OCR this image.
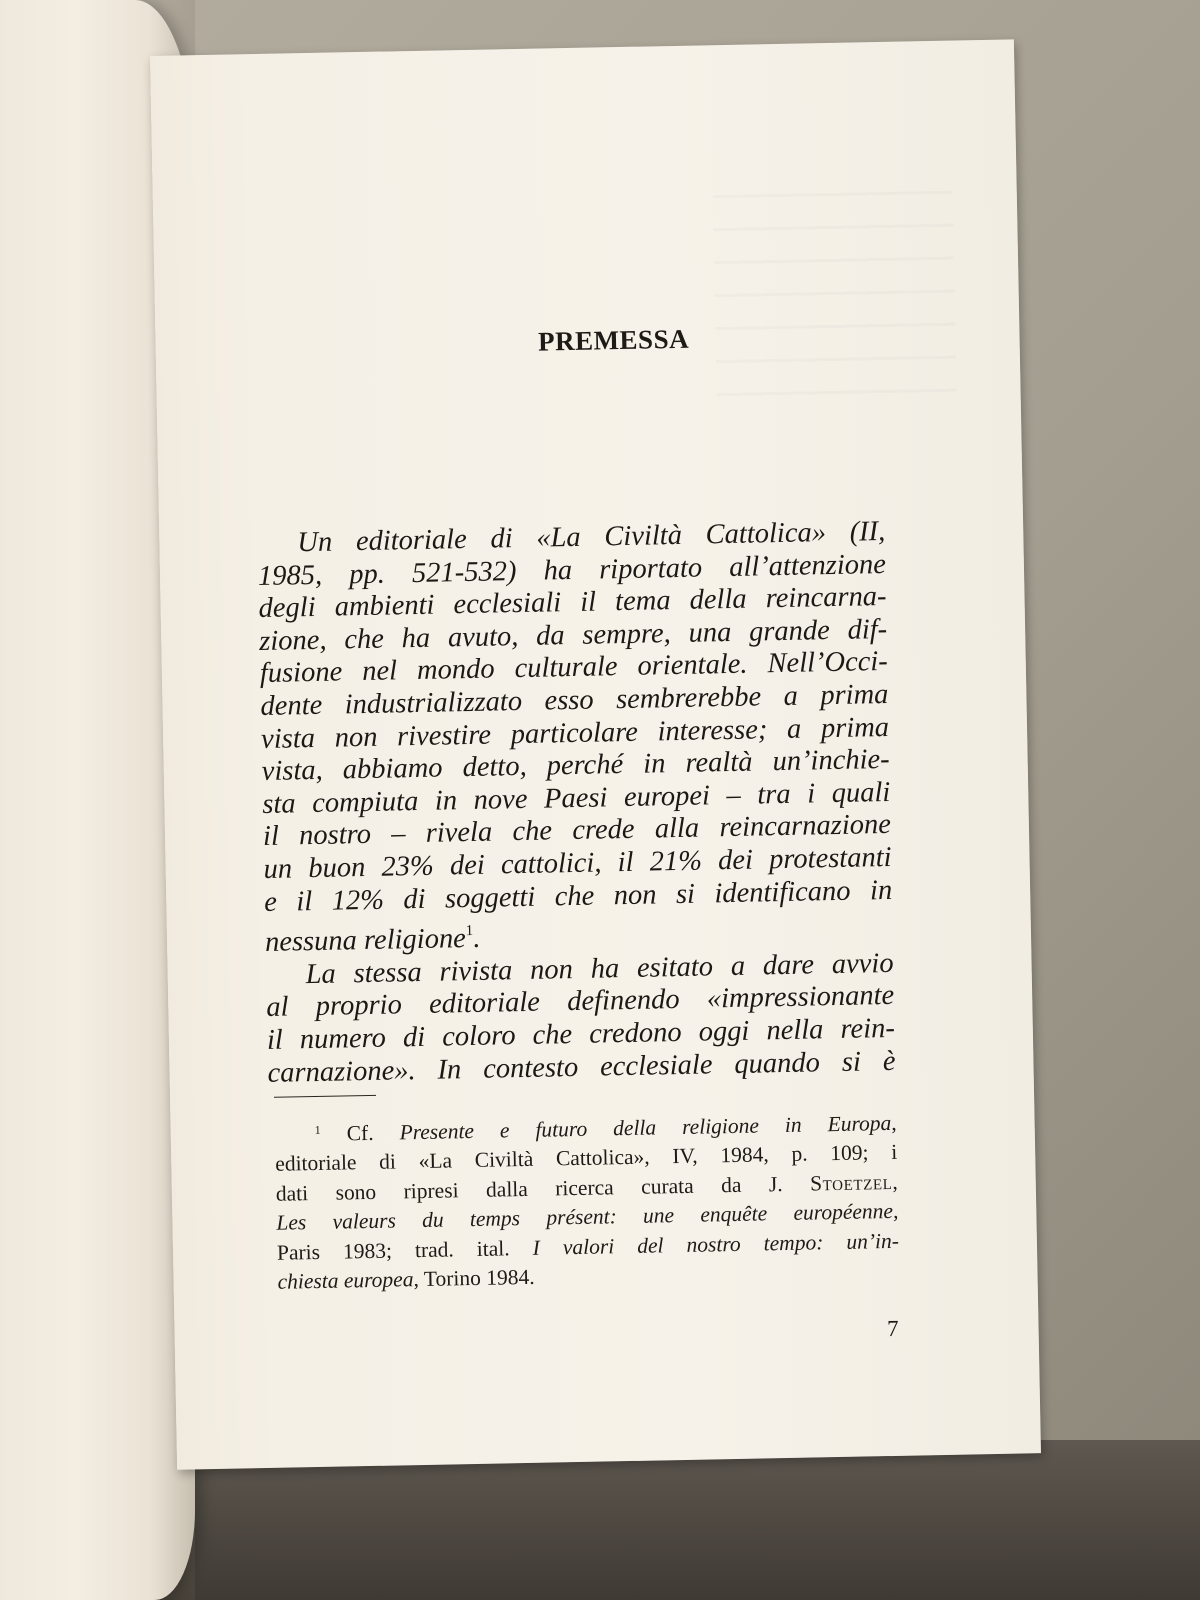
PREMESSA
Un editoriale di «La Civiltà Cattolica» (II,
1985, pp. 521-532) ha riportato all’attenzione
degli ambienti ecclesiali il tema della reincarna-
zione, che ha avuto, da sempre, una grande dif-
fusione nel mondo culturale orientale. Nell’Occi-
dente industrializzato esso sembrerebbe a prima
vista non rivestire particolare interesse; a prima
vista, abbiamo detto, perché in realtà un’inchie-
sta compiuta in nove Paesi europei – tra i quali
il nostro – rivela che crede alla reincarnazione
un buon 23% dei cattolici, il 21% dei protestanti
e il 12% di soggetti che non si identificano in
nessuna religione$^1$.
La stessa rivista non ha esitato a dare avvio
al proprio editoriale definendo «impressionante
il numero di coloro che credono oggi nella rein-
carnazione». In contesto ecclesiale quando si è
$^1$ Cf. Presente e futuro della religione in Europa,
editoriale di «La Civiltà Cattolica», IV, 1984, p. 109; i
dati sono ripresi dalla ricerca curata da J. Stoetzel,
Les valeurs du temps présent: une enquête européenne,
Paris 1983; trad. ital. I valori del nostro tempo: un’in-
chiesta europea, Torino 1984.
7
